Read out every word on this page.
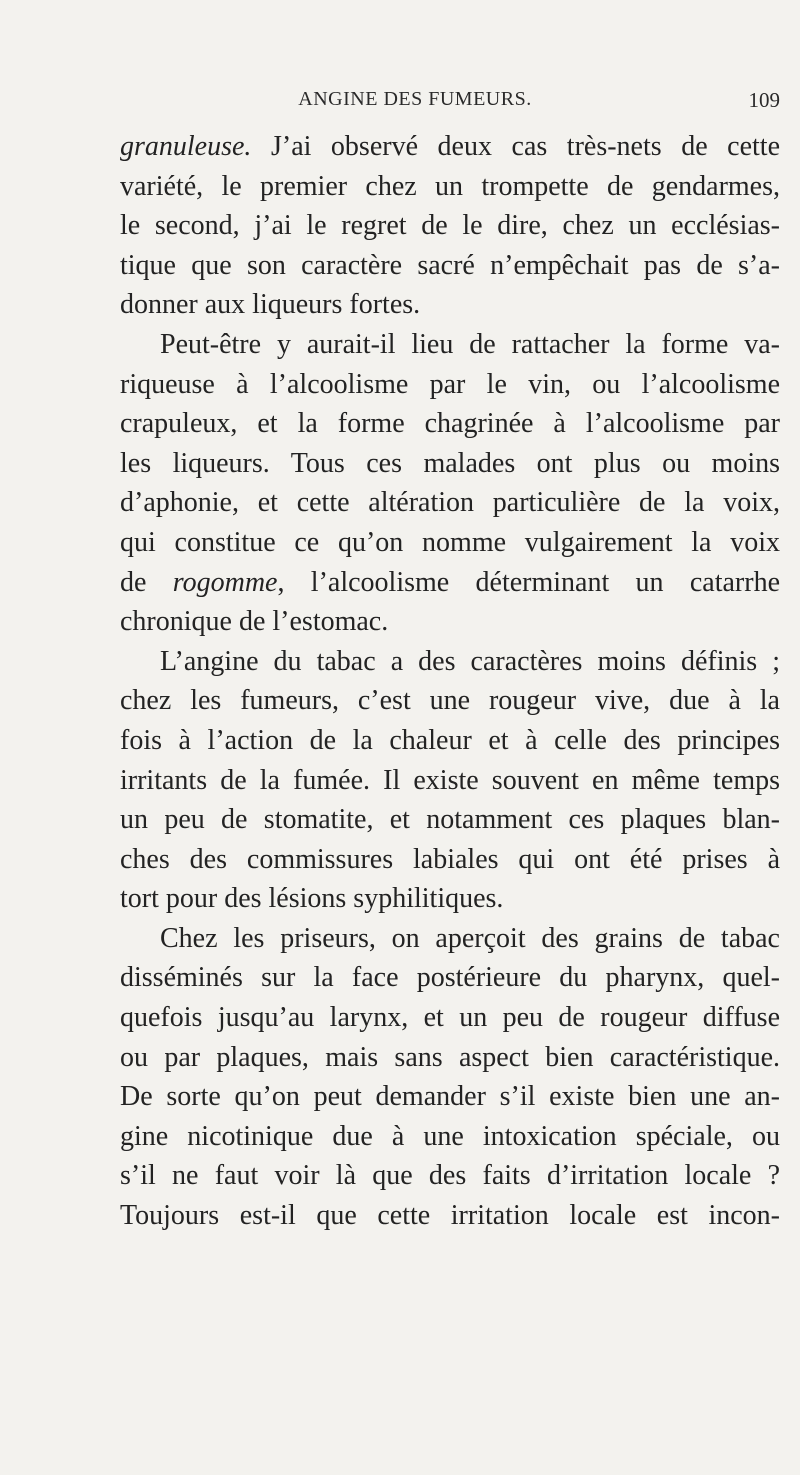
ANGINE DES FUMEURS.	109
granuleuse. J’ai observé deux cas très-nets de cette
variété, le premier chez un trompette de gendarmes,
le second, j’ai le regret de le dire, chez un ecclésias-
tique que son caractère sacré n’empêchait pas de s’a-
donner aux liqueurs fortes.
Peut-être y aurait-il lieu de rattacher la forme va-
riqueuse à l’alcoolisme par le vin, ou l’alcoolisme
crapuleux, et la forme chagrinée à l’alcoolisme par
les liqueurs. Tous ces malades ont plus ou moins
d’aphonie, et cette altération particulière de la voix,
qui constitue ce qu’on nomme vulgairement la voix
de rogomme, l’alcoolisme déterminant un catarrhe
chronique de l’estomac.
L’angine du tabac a des caractères moins définis ;
chez les fumeurs, c’est une rougeur vive, due à la
fois à l’action de la chaleur et à celle des principes
irritants de la fumée. Il existe souvent en même temps
un peu de stomatite, et notamment ces plaques blan-
ches des commissures labiales qui ont été prises à
tort pour des lésions syphilitiques.
Chez les priseurs, on aperçoit des grains de tabac
disséminés sur la face postérieure du pharynx, quel-
quefois jusqu’au larynx, et un peu de rougeur diffuse
ou par plaques, mais sans aspect bien caractéristique.
De sorte qu’on peut demander s’il existe bien une an-
gine nicotinique due à une intoxication spéciale, ou
s’il ne faut voir là que des faits d’irritation locale ?
Toujours est-il que cette irritation locale est incon-
